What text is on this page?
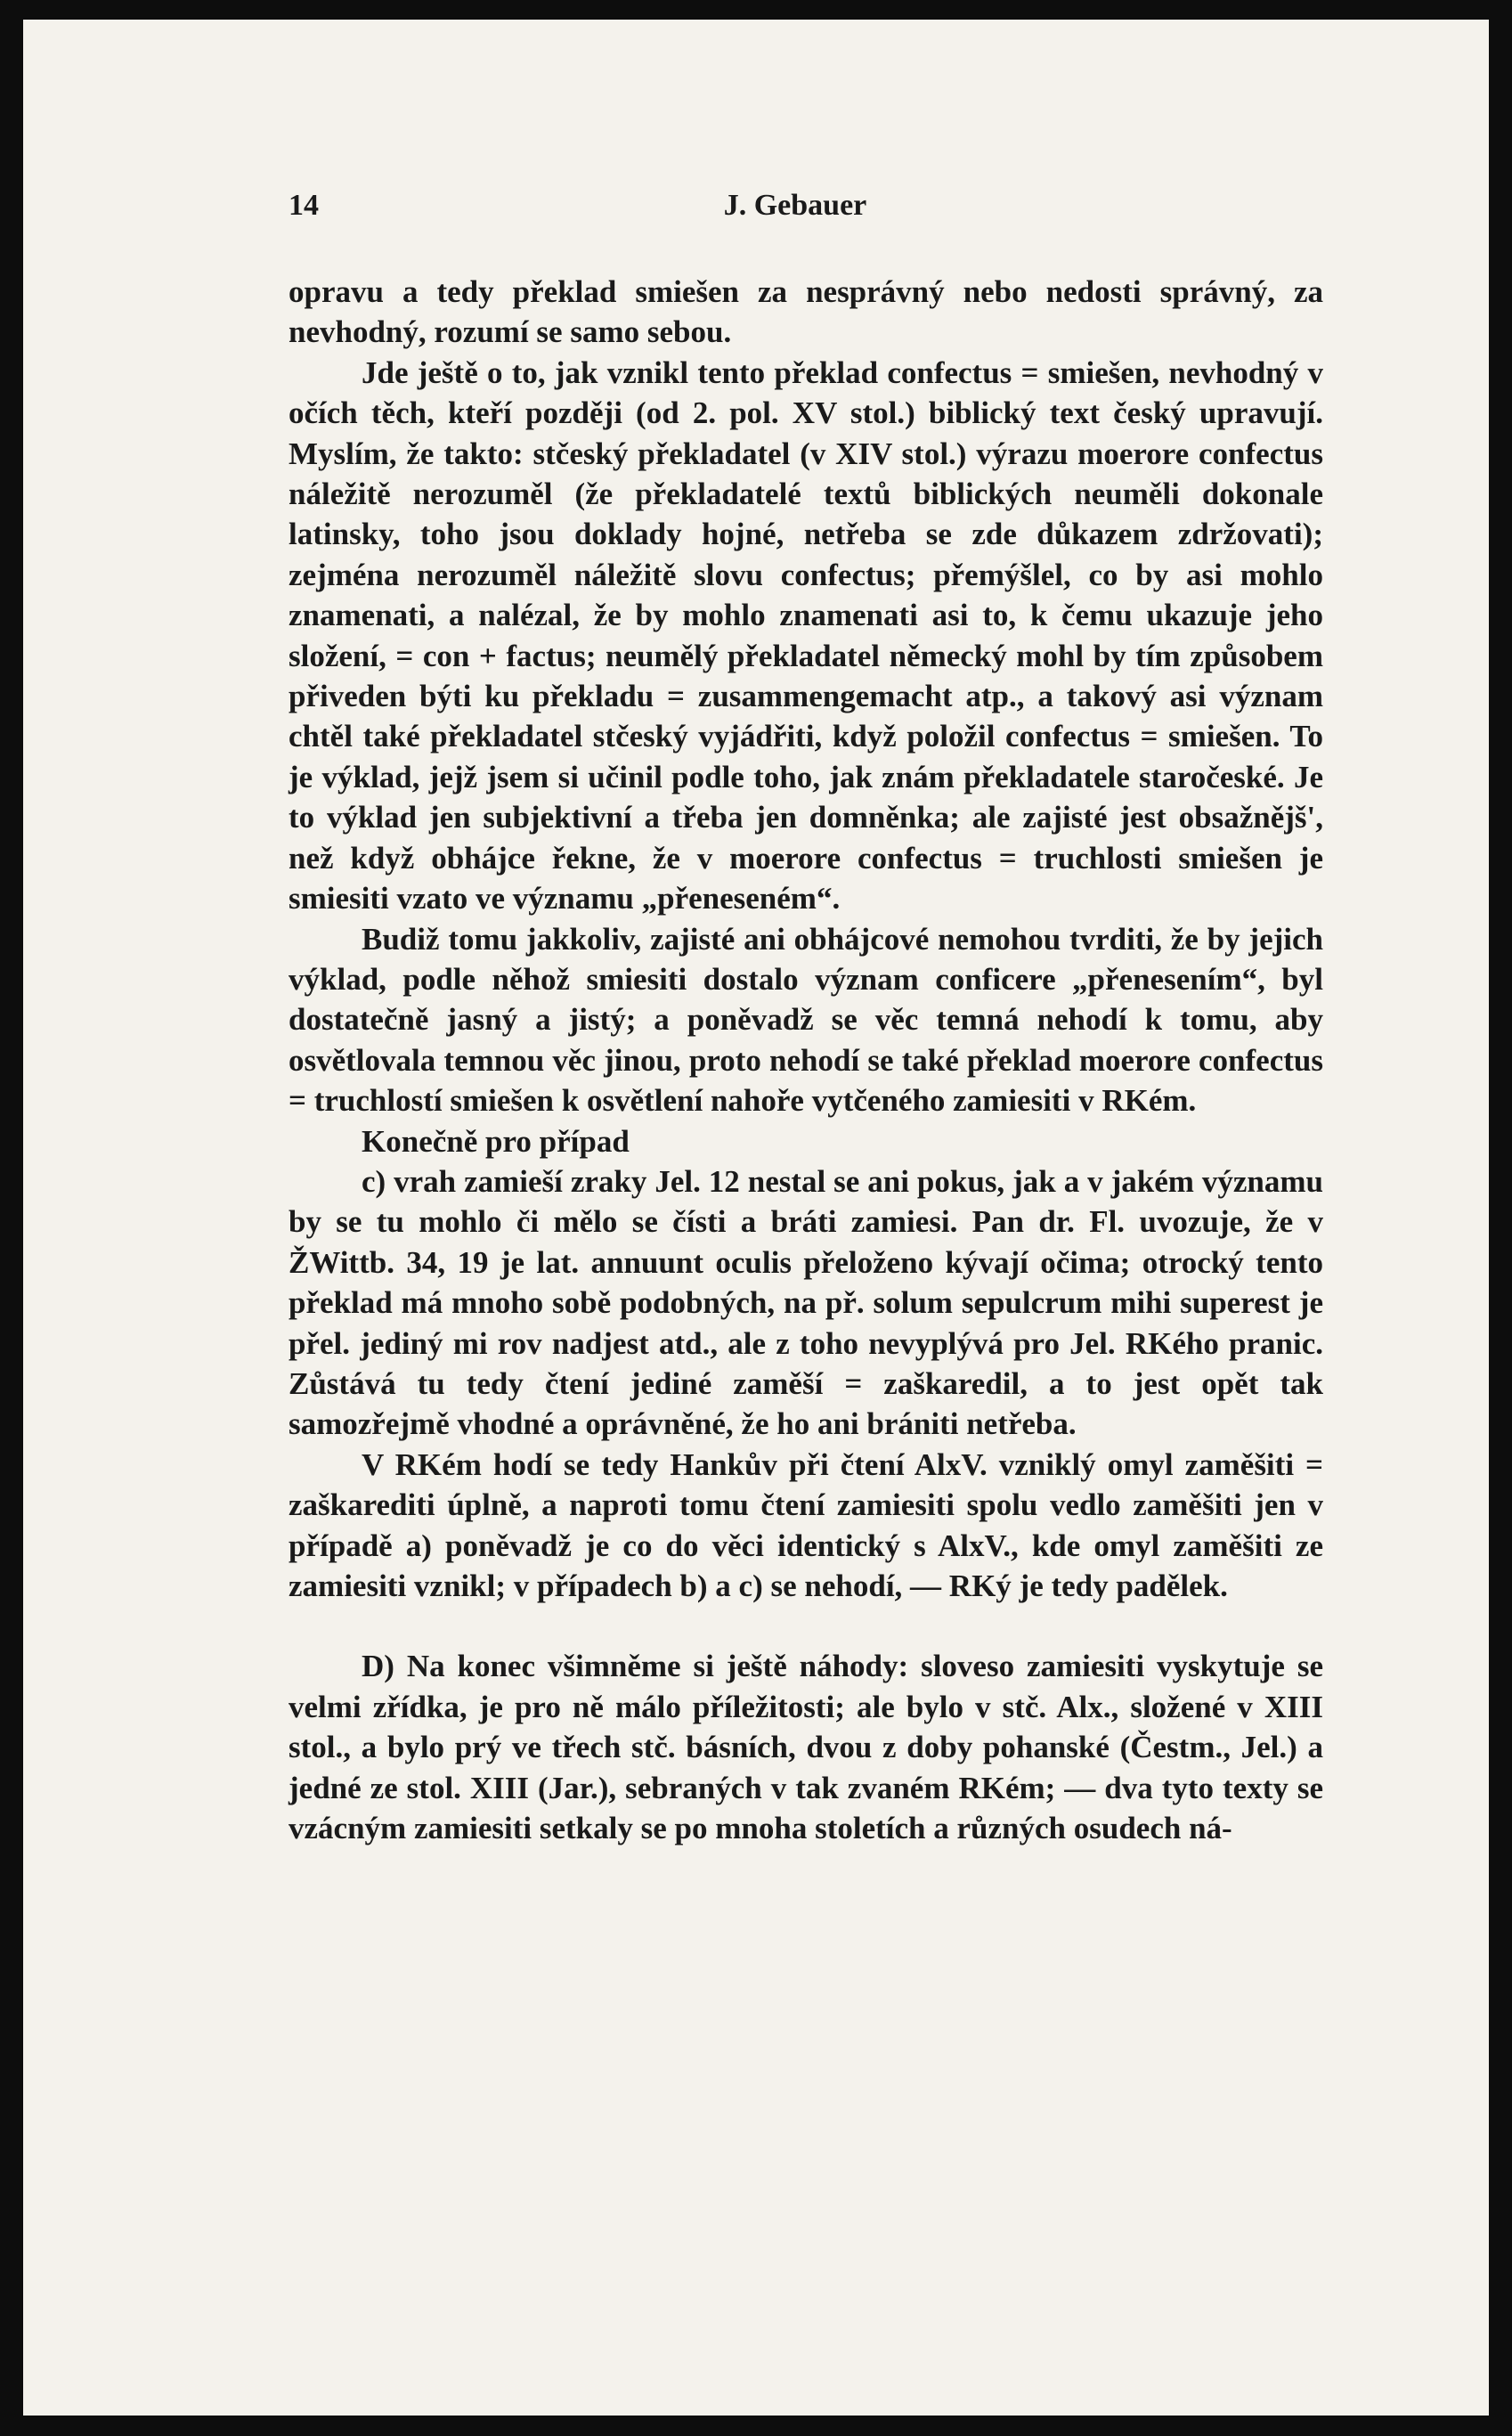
14	J. Gebauer

opravu a tedy překlad smiešen za nesprávný nebo nedosti správný, za nevhodný, rozumí se samo sebou.

Jde ještě o to, jak vznikl tento překlad confectus = smiešen, nevhodný v očích těch, kteří později (od 2. pol. XV stol.) biblický text český upravují. Myslím, že takto: stčeský překladatel (v XIV stol.) výrazu moerore confectus náležitě nerozuměl (že překladatelé textů biblických neuměli dokonale latinsky, toho jsou doklady hojné, netřeba se zde důkazem zdržovati); zejména nerozuměl náležitě slovu confectus; přemýšlel, co by asi mohlo znamenati, a nalézal, že by mohlo znamenati asi to, k čemu ukazuje jeho složení, = con + factus; neumělý překladatel německý mohl by tím způsobem přiveden býti ku překladu = zusammengemacht atp., a takový asi význam chtěl také překladatel stčeský vyjádřiti, když položil confectus = smiešen. To je výklad, jejž jsem si učinil podle toho, jak znám překladatele staročeské. Je to výklad jen subjektivní a třeba jen domněnka; ale zajisté jest obsažnějš', než když obhájce řekne, že v moerore confectus = truchlosti smiešen je smiesiti vzato ve významu „přeneseném“.

Budiž tomu jakkoliv, zajisté ani obhájcové nemohou tvrditi, že by jejich výklad, podle něhož smiesiti dostalo význam conficere „přenesením“, byl dostatečně jasný a jistý; a poněvadž se věc temná nehodí k tomu, aby osvětlovala temnou věc jinou, proto nehodí se také překlad moerore confectus = truchlostí smiešen k osvětlení nahoře vytčeného zamiesiti v RKém.

Konečně pro případ

c) vrah zamieší zraky Jel. 12 nestal se ani pokus, jak a v jakém významu by se tu mohlo či mělo se čísti a bráti zamiesi. Pan dr. Fl. uvozuje, že v ŽWittb. 34, 19 je lat. annuunt oculis přeloženo kývají očima; otrocký tento překlad má mnoho sobě podobných, na př. solum sepulcrum mihi superest je přel. jediný mi rov nadjest atd., ale z toho nevyplývá pro Jel. RKého pranic. Zůstává tu tedy čtení jediné zaměší = zaškaredil, a to jest opět tak samozřejmě vhodné a oprávněné, že ho ani brániti netřeba.

V RKém hodí se tedy Hankův při čtení AlxV. vzniklý omyl zaměšiti = zaškarediti úplně, a naproti tomu čtení zamiesiti spolu vedlo zaměšiti jen v případě a) poněvadž je co do věci identický s AlxV., kde omyl zaměšiti ze zamiesiti vznikl; v případech b) a c) se nehodí, — RKý je tedy padělek.

D) Na konec všimněme si ještě náhody: sloveso zamiesiti vyskytuje se velmi zřídka, je pro ně málo příležitosti; ale bylo v stč. Alx., složené v XIII stol., a bylo prý ve třech stč. básních, dvou z doby pohanské (Čestm., Jel.) a jedné ze stol. XIII (Jar.), sebraných v tak zvaném RKém; — dva tyto texty se vzácným zamiesiti setkaly se po mnoha stoletích a různých osudech ná-
